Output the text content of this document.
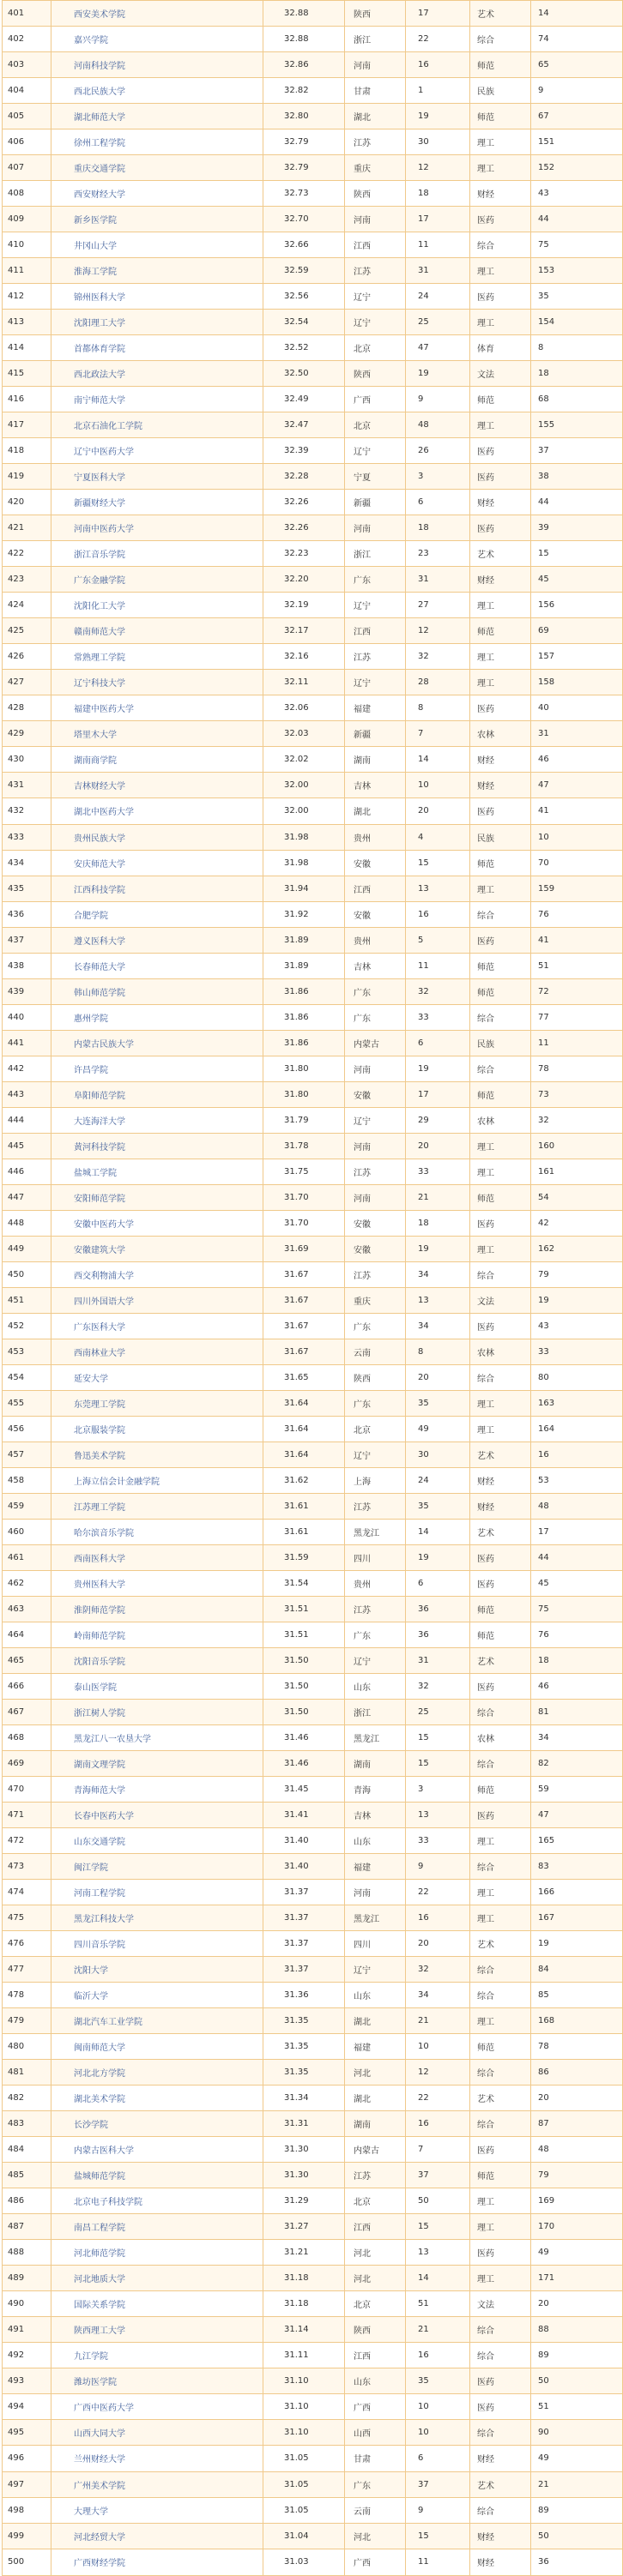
401	西安美术学院	32.88	陕西	17	艺术	14
402	嘉兴学院	32.88	浙江	22	综合	74
403	河南科技学院	32.86	河南	16	师范	65
404	西北民族大学	32.82	甘肃	1	民族	9
405	湖北师范大学	32.80	湖北	19	师范	67
406	徐州工程学院	32.79	江苏	30	理工	151
407	重庆交通学院	32.79	重庆	12	理工	152
408	西安财经大学	32.73	陕西	18	财经	43
409	新乡医学院	32.70	河南	17	医药	44
410	井冈山大学	32.66	江西	11	综合	75
411	淮海工学院	32.59	江苏	31	理工	153
412	锦州医科大学	32.56	辽宁	24	医药	35
413	沈阳理工大学	32.54	辽宁	25	理工	154
414	首都体育学院	32.52	北京	47	体育	8
415	西北政法大学	32.50	陕西	19	文法	18
416	南宁师范大学	32.49	广西	9	师范	68
417	北京石油化工学院	32.47	北京	48	理工	155
418	辽宁中医药大学	32.39	辽宁	26	医药	37
419	宁夏医科大学	32.28	宁夏	3	医药	38
420	新疆财经大学	32.26	新疆	6	财经	44
421	河南中医药大学	32.26	河南	18	医药	39
422	浙江音乐学院	32.23	浙江	23	艺术	15
423	广东金融学院	32.20	广东	31	财经	45
424	沈阳化工大学	32.19	辽宁	27	理工	156
425	赣南师范大学	32.17	江西	12	师范	69
426	常熟理工学院	32.16	江苏	32	理工	157
427	辽宁科技大学	32.11	辽宁	28	理工	158
428	福建中医药大学	32.06	福建	8	医药	40
429	塔里木大学	32.03	新疆	7	农林	31
430	湖南商学院	32.02	湖南	14	财经	46
431	吉林财经大学	32.00	吉林	10	财经	47
432	湖北中医药大学	32.00	湖北	20	医药	41
433	贵州民族大学	31.98	贵州	4	民族	10
434	安庆师范大学	31.98	安徽	15	师范	70
435	江西科技学院	31.94	江西	13	理工	159
436	合肥学院	31.92	安徽	16	综合	76
437	遵义医科大学	31.89	贵州	5	医药	41
438	长春师范大学	31.89	吉林	11	师范	51
439	韩山师范学院	31.86	广东	32	师范	72
440	惠州学院	31.86	广东	33	综合	77
441	内蒙古民族大学	31.86	内蒙古	6	民族	11
442	许昌学院	31.80	河南	19	综合	78
443	阜阳师范学院	31.80	安徽	17	师范	73
444	大连海洋大学	31.79	辽宁	29	农林	32
445	黄河科技学院	31.78	河南	20	理工	160
446	盐城工学院	31.75	江苏	33	理工	161
447	安阳师范学院	31.70	河南	21	师范	54
448	安徽中医药大学	31.70	安徽	18	医药	42
449	安徽建筑大学	31.69	安徽	19	理工	162
450	西交利物浦大学	31.67	江苏	34	综合	79
451	四川外国语大学	31.67	重庆	13	文法	19
452	广东医科大学	31.67	广东	34	医药	43
453	西南林业大学	31.67	云南	8	农林	33
454	延安大学	31.65	陕西	20	综合	80
455	东莞理工学院	31.64	广东	35	理工	163
456	北京服装学院	31.64	北京	49	理工	164
457	鲁迅美术学院	31.64	辽宁	30	艺术	16
458	上海立信会计金融学院	31.62	上海	24	财经	53
459	江苏理工学院	31.61	江苏	35	财经	48
460	哈尔滨音乐学院	31.61	黑龙江	14	艺术	17
461	西南医科大学	31.59	四川	19	医药	44
462	贵州医科大学	31.54	贵州	6	医药	45
463	淮阴师范学院	31.51	江苏	36	师范	75
464	岭南师范学院	31.51	广东	36	师范	76
465	沈阳音乐学院	31.50	辽宁	31	艺术	18
466	泰山医学院	31.50	山东	32	医药	46
467	浙江树人学院	31.50	浙江	25	综合	81
468	黑龙江八一农垦大学	31.46	黑龙江	15	农林	34
469	湖南文理学院	31.46	湖南	15	综合	82
470	青海师范大学	31.45	青海	3	师范	59
471	长春中医药大学	31.41	吉林	13	医药	47
472	山东交通学院	31.40	山东	33	理工	165
473	闽江学院	31.40	福建	9	综合	83
474	河南工程学院	31.37	河南	22	理工	166
475	黑龙江科技大学	31.37	黑龙江	16	理工	167
476	四川音乐学院	31.37	四川	20	艺术	19
477	沈阳大学	31.37	辽宁	32	综合	84
478	临沂大学	31.36	山东	34	综合	85
479	湖北汽车工业学院	31.35	湖北	21	理工	168
480	闽南师范大学	31.35	福建	10	师范	78
481	河北北方学院	31.35	河北	12	综合	86
482	湖北美术学院	31.34	湖北	22	艺术	20
483	长沙学院	31.31	湖南	16	综合	87
484	内蒙古医科大学	31.30	内蒙古	7	医药	48
485	盐城师范学院	31.30	江苏	37	师范	79
486	北京电子科技学院	31.29	北京	50	理工	169
487	南昌工程学院	31.27	江西	15	理工	170
488	河北师范学院	31.21	河北	13	医药	49
489	河北地质大学	31.18	河北	14	理工	171
490	国际关系学院	31.18	北京	51	文法	20
491	陕西理工大学	31.14	陕西	21	综合	88
492	九江学院	31.11	江西	16	综合	89
493	潍坊医学院	31.10	山东	35	医药	50
494	广西中医药大学	31.10	广西	10	医药	51
495	山西大同大学	31.10	山西	10	综合	90
496	兰州财经大学	31.05	甘肃	6	财经	49
497	广州美术学院	31.05	广东	37	艺术	21
498	大理大学	31.05	云南	9	综合	89
499	河北经贸大学	31.04	河北	15	财经	50
500	广西财经学院	31.03	广西	11	财经	36
